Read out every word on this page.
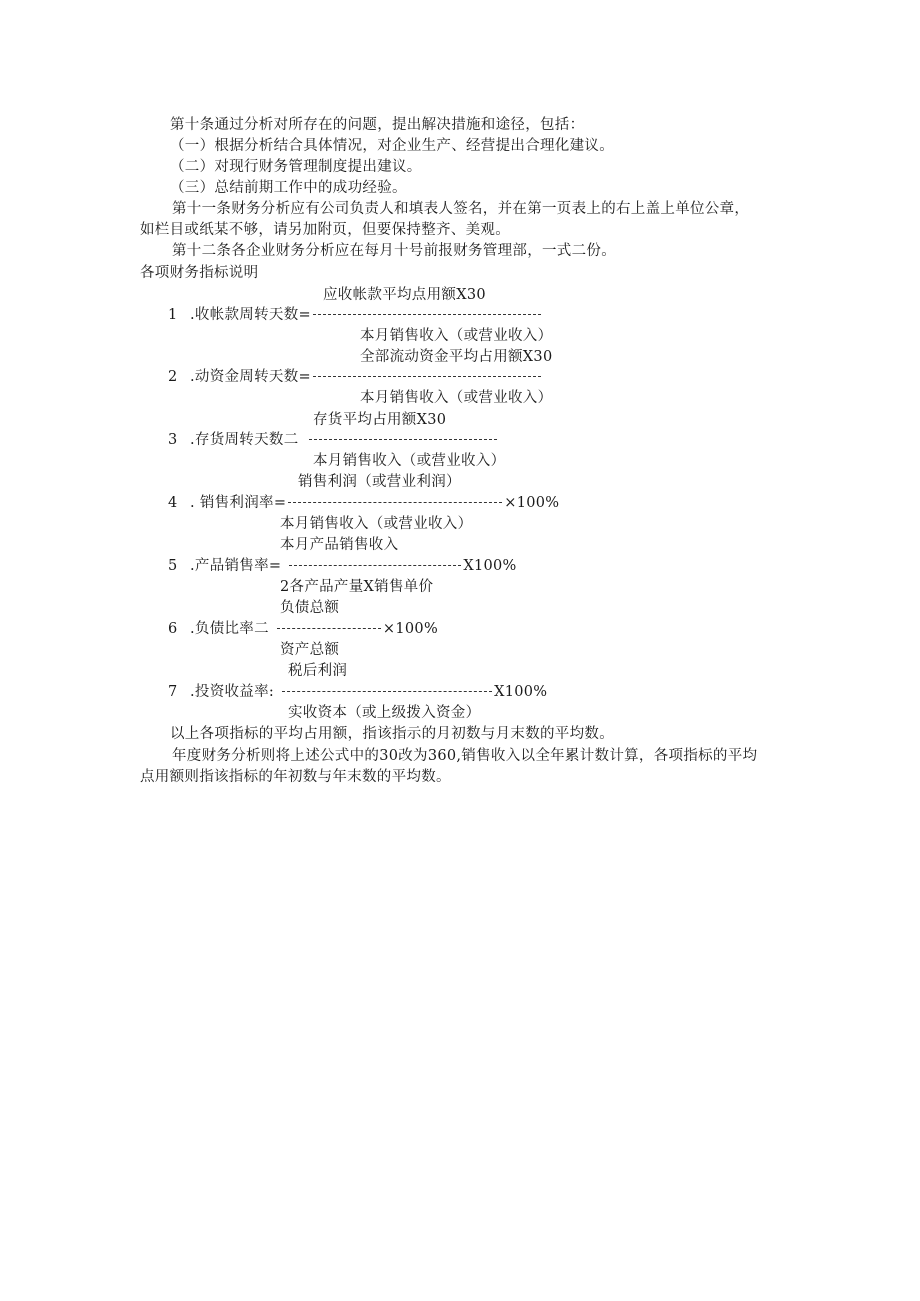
第十条通过分析对所存在的问题，提出解决措施和途径，包括：
（一）根据分析结合具体情况，对企业生产、经营提出合理化建议。
（二）对现行财务管理制度提出建议。
（三）总结前期工作中的成功经验。
第十一条财务分析应有公司负责人和填表人签名，并在第一页表上的右上盖上单位公章，
如栏目或纸某不够，请另加附页，但要保持整齐、美观。
第十二条各企业财务分析应在每月十号前报财务管理部，一式二份。
各项财务指标说明
应收帐款平均点用额X30
1 .收帐款周转天数=
本月销售收入（或营业收入）
全部流动资金平均占用额X30
2 .动资金周转天数=
本月销售收入（或营业收入）
存货平均占用额X30
3 .存货周转天数二
本月销售收入（或营业收入）
销售利润（或营业利润）
4 . 销售利润率=	×100%
本月销售收入（或营业收入）
本月产品销售收入
5 .产品销售率=	X100%
2各产品产量X销售单价
负债总额
6 .负债比率二	×100%
资产总额
税后利润
7 .投资收益率:	X100%
实收资本（或上级拨入资金）
以上各项指标的平均占用额，指该指示的月初数与月末数的平均数。
年度财务分析则将上述公式中的30改为360,销售收入以全年累计数计算，各项指标的平均
点用额则指该指标的年初数与年末数的平均数。
